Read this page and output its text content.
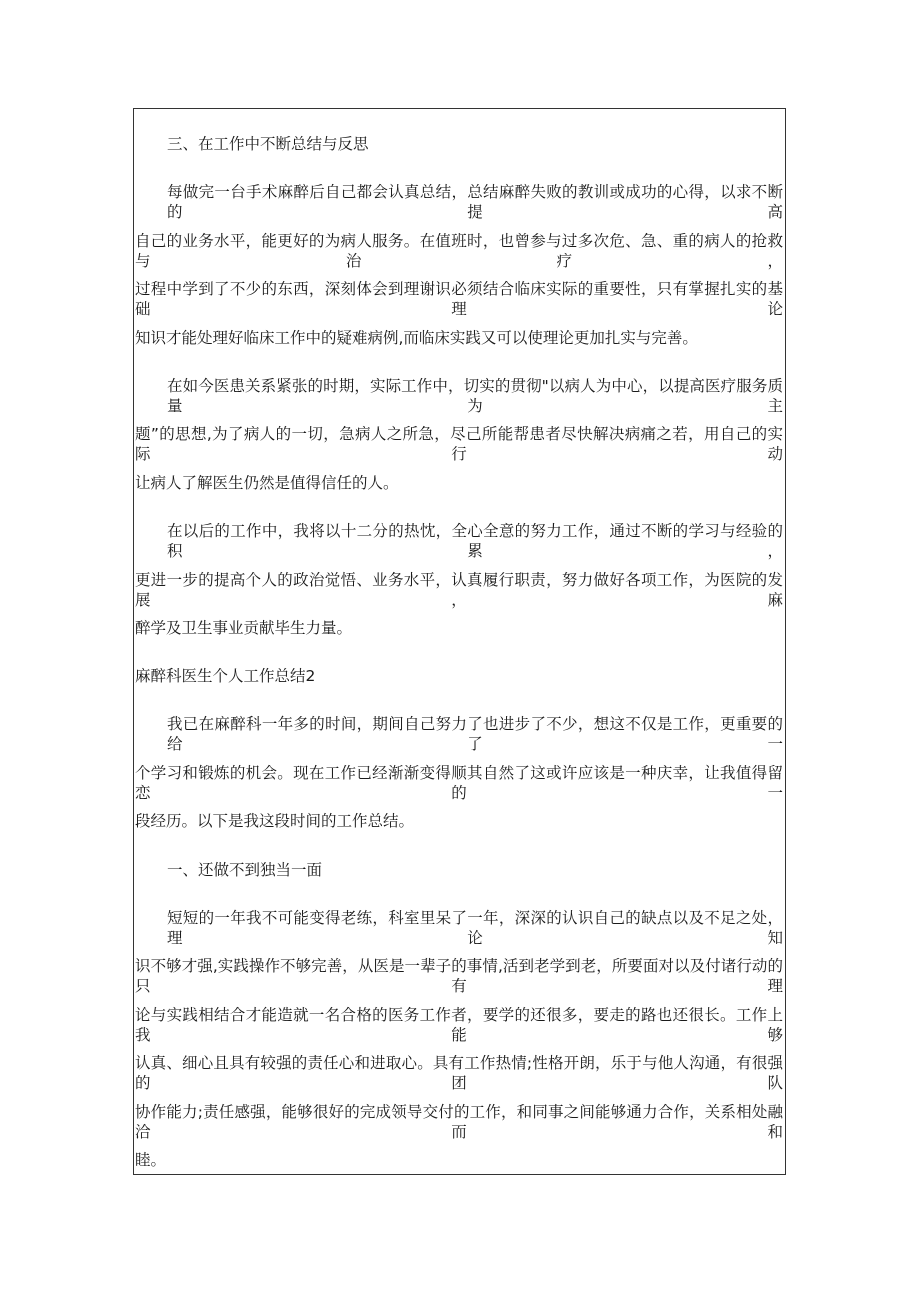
三、在工作中不断总结与反思
每做完一台手术麻醉后自己都会认真总结，总结麻醉失败的教训或成功的心得，以求不断的提高
自己的业务水平，能更好的为病人服务。在值班时，也曾参与过多次危、急、重的病人的抢救与治疗，
过程中学到了不少的东西，深刻体会到理谢识必须结合临床实际的重要性，只有掌握扎实的基础理论
知识才能处理好临床工作中的疑难病例,而临床实践又可以使理论更加扎实与完善。
在如今医患关系紧张的时期，实际工作中，切实的贯彻"以病人为中心，以提高医疗服务质量为主
题”的思想,为了病人的一切，急病人之所急，尽己所能帮患者尽快解决病痛之若，用自己的实际行动
让病人了解医生仍然是值得信任的人。
在以后的工作中，我将以十二分的热忱，全心全意的努力工作，通过不断的学习与经验的积累，
更进一步的提高个人的政治觉悟、业务水平，认真履行职责，努力做好各项工作，为医院的发展，麻
醉学及卫生事业贡献毕生力量。
麻醉科医生个人工作总结2
我已在麻醉科一年多的时间，期间自己努力了也进步了不少，想这不仅是工作，更重要的给了一
个学习和锻炼的机会。现在工作已经渐渐变得顺其自然了这或许应该是一种庆幸，让我值得留恋的一
段经历。以下是我这段时间的工作总结。
一、还做不到独当一面
短短的一年我不可能变得老练，科室里呆了一年，深深的认识自己的缺点以及不足之处，理论知
识不够才强,实践操作不够完善，从医是一辈子的事情,活到老学到老，所要面对以及付诸行动的只有理
论与实践相结合才能造就一名合格的医务工作者，要学的还很多，要走的路也还很长。工作上我能够
认真、细心且具有较强的责任心和进取心。具有工作热情;性格开朗，乐于与他人沟通，有很强的团队
协作能力;责任感强，能够很好的完成领导交付的工作，和同事之间能够通力合作，关系相处融洽而和
睦。
